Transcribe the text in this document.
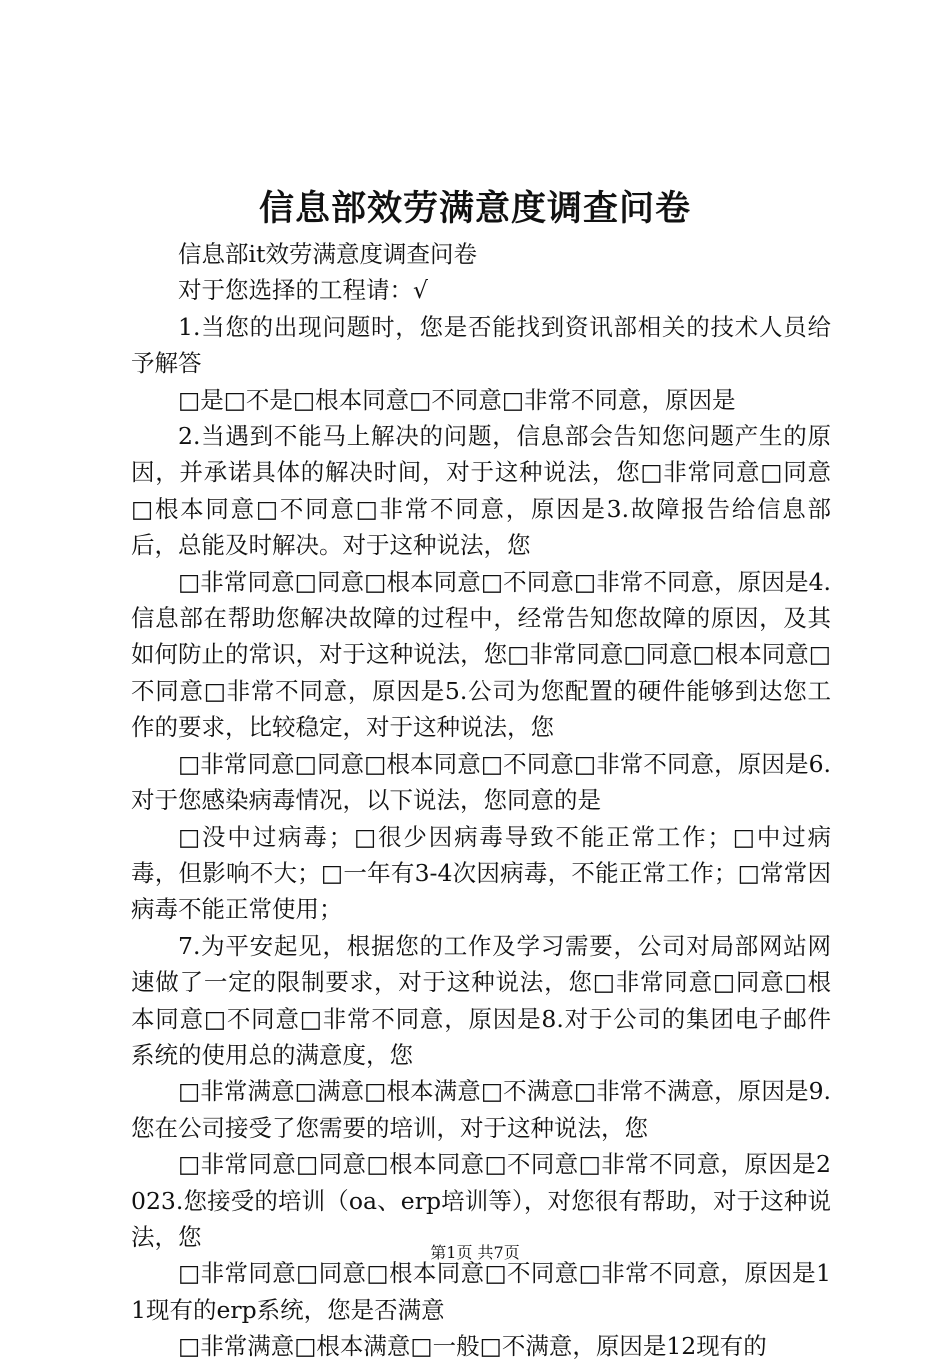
信息部效劳满意度调查问卷

信息部it效劳满意度调查问卷

对于您选择的工程请：√

1.当您的出现问题时，您是否能找到资讯部相关的技术人员给予解答

□是□不是□根本同意□不同意□非常不同意，原因是

2.当遇到不能马上解决的问题，信息部会告知您问题产生的原因，并承诺具体的解决时间，对于这种说法，您□非常同意□同意□根本同意□不同意□非常不同意，原因是3.故障报告给信息部后，总能及时解决。对于这种说法，您

□非常同意□同意□根本同意□不同意□非常不同意，原因是4.信息部在帮助您解决故障的过程中，经常告知您故障的原因，及其如何防止的常识，对于这种说法，您□非常同意□同意□根本同意□不同意□非常不同意，原因是5.公司为您配置的硬件能够到达您工作的要求，比较稳定，对于这种说法，您

□非常同意□同意□根本同意□不同意□非常不同意，原因是6.对于您感染病毒情况，以下说法，您同意的是

□没中过病毒；□很少因病毒导致不能正常工作；□中过病毒，但影响不大；□一年有3-4次因病毒，不能正常工作；□常常因病毒不能正常使用；

7.为平安起见，根据您的工作及学习需要，公司对局部网站网速做了一定的限制要求，对于这种说法，您□非常同意□同意□根本同意□不同意□非常不同意，原因是8.对于公司的集团电子邮件系统的使用总的满意度，您

□非常满意□满意□根本满意□不满意□非常不满意，原因是9.您在公司接受了您需要的培训，对于这种说法，您

□非常同意□同意□根本同意□不同意□非常不同意，原因是2023.您接受的培训（oa、erp培训等），对您很有帮助，对于这种说法，您

□非常同意□同意□根本同意□不同意□非常不同意，原因是11现有的erp系统，您是否满意

□非常满意□根本满意□一般□不满意，原因是12现有的

第1页 共7页
